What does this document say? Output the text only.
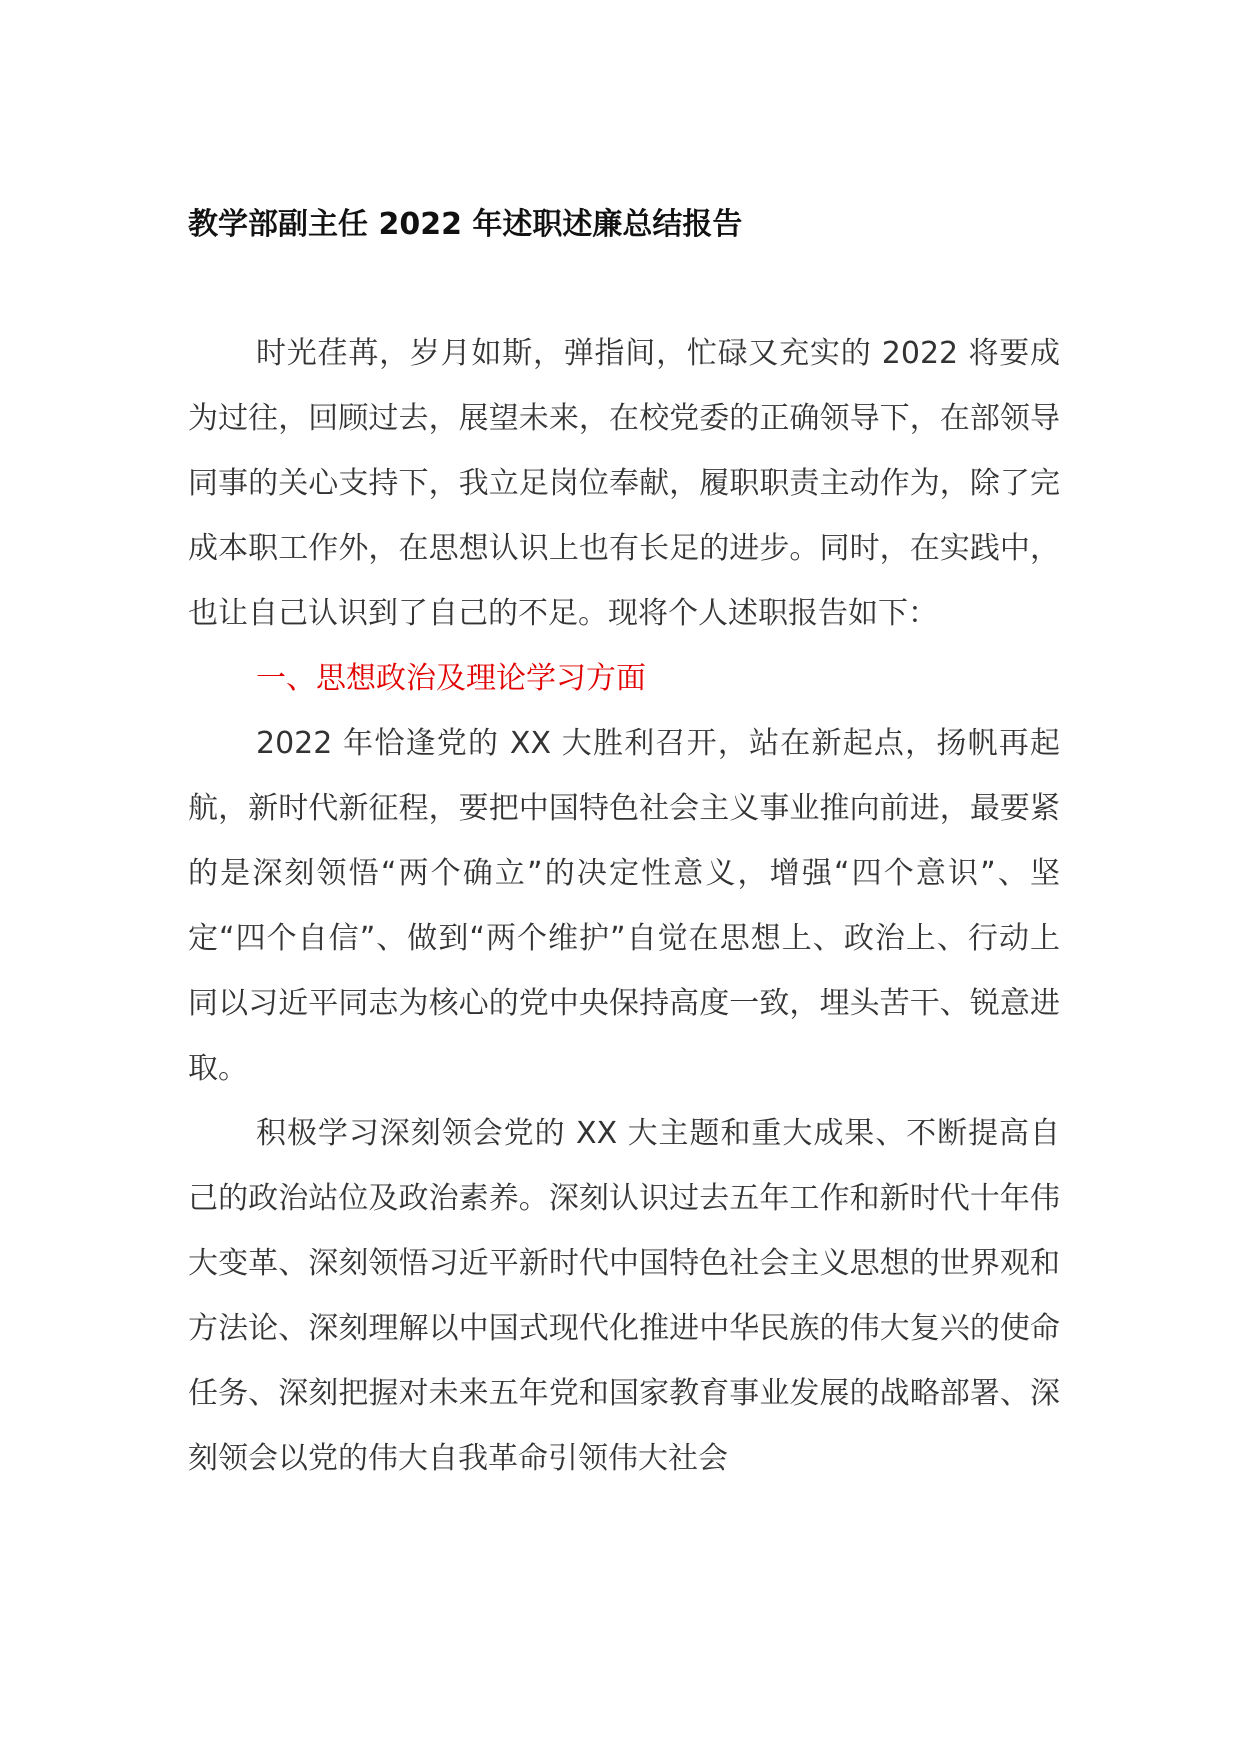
教学部副主任 2022 年述职述廉总结报告

时光荏苒，岁月如斯，弹指间，忙碌又充实的 2022 将要成为过往，回顾过去，展望未来，在校党委的正确领导下，在部领导同事的关心支持下，我立足岗位奉献，履职职责主动作为，除了完成本职工作外，在思想认识上也有长足的进步。同时，在实践中，也让自己认识到了自己的不足。现将个人述职报告如下：

一、思想政治及理论学习方面

2022 年恰逢党的 XX 大胜利召开，站在新起点，扬帆再起航，新时代新征程，要把中国特色社会主义事业推向前进，最要紧的是深刻领悟“两个确立”的决定性意义，增强“四个意识”、坚定“四个自信”、做到“两个维护”自觉在思想上、政治上、行动上同以习近平同志为核心的党中央保持高度一致，埋头苦干、锐意进取。

积极学习深刻领会党的 XX 大主题和重大成果、不断提高自己的政治站位及政治素养。深刻认识过去五年工作和新时代十年伟大变革、深刻领悟习近平新时代中国特色社会主义思想的世界观和方法论、深刻理解以中国式现代化推进中华民族的伟大复兴的使命任务、深刻把握对未来五年党和国家教育事业发展的战略部署、深刻领会以党的伟大自我革命引领伟大社会
